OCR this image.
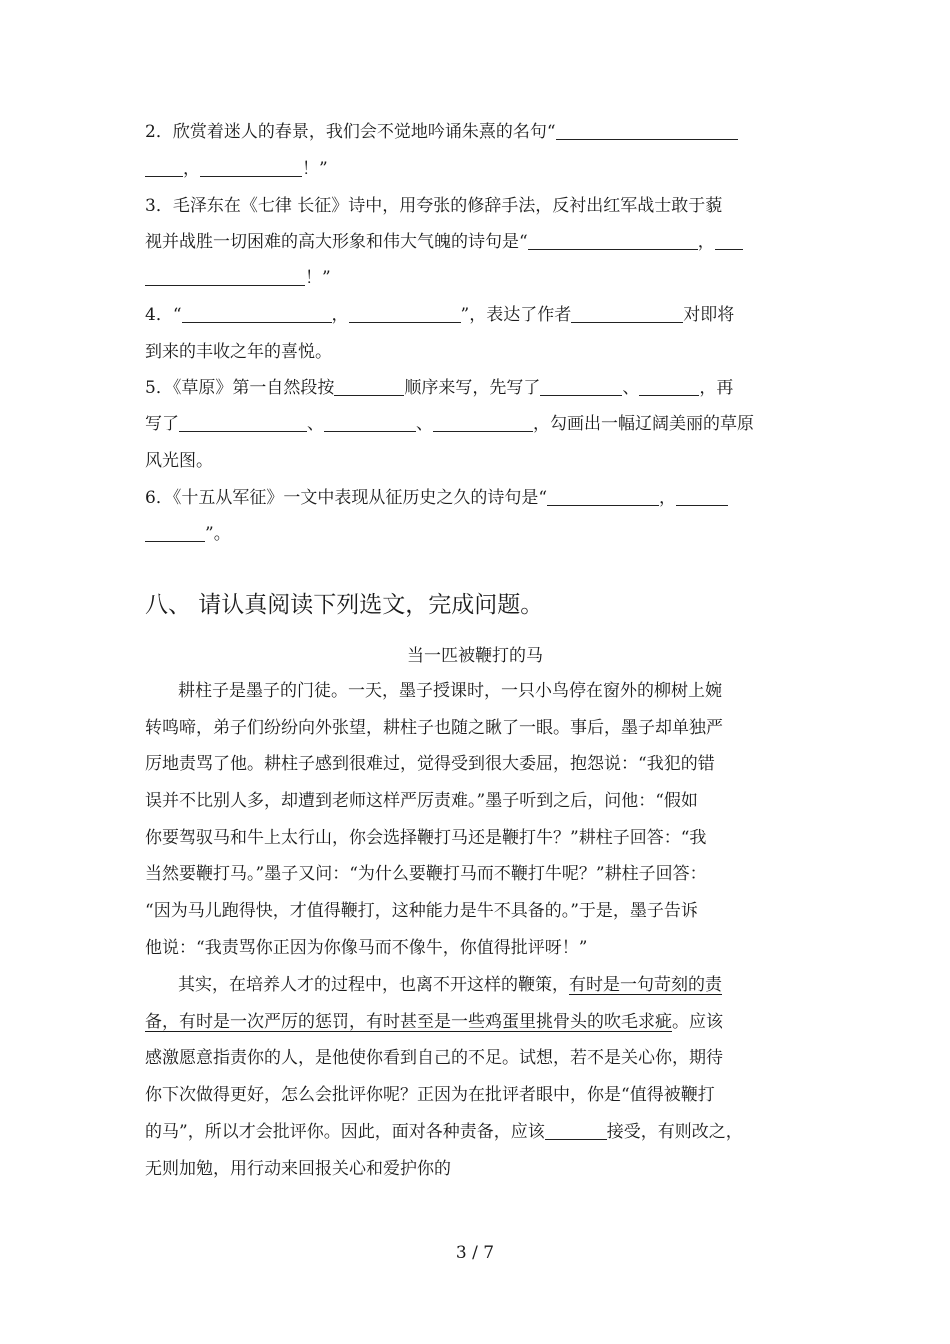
2．欣赏着迷人的春景，我们会不觉地吟诵朱熹的名句“
，	！”
3．毛泽东在《七律 长征》诗中，用夸张的修辞手法，反衬出红军战士敢于藐
视并战胜一切困难的高大形象和伟大气魄的诗句是“	，
！”
4．“	，	”，表达了作者	对即将
到来的丰收之年的喜悦。
5．《草原》第一自然段按	顺序来写，先写了	、	，再
写了	、	、	，勾画出一幅辽阔美丽的草原
风光图。
6．《十五从军征》一文中表现从征历史之久的诗句是“	，
”。
八、 请认真阅读下列选文，完成问题。
当一匹被鞭打的马
耕柱子是墨子的门徒。一天，墨子授课时，一只小鸟停在窗外的柳树上婉
转鸣啼，弟子们纷纷向外张望，耕柱子也随之瞅了一眼。事后，墨子却单独严
厉地责骂了他。耕柱子感到很难过，觉得受到很大委屈，抱怨说：“我犯的错
误并不比别人多，却遭到老师这样严厉责难。”墨子听到之后，问他：“假如
你要驾驭马和牛上太行山，你会选择鞭打马还是鞭打牛？”耕柱子回答：“我
当然要鞭打马。”墨子又问：“为什么要鞭打马而不鞭打牛呢？”耕柱子回答：
“因为马儿跑得快，才值得鞭打，这种能力是牛不具备的。”于是，墨子告诉
他说：“我责骂你正因为你像马而不像牛，你值得批评呀！”
其实，在培养人才的过程中，也离不开这样的鞭策，有时是一句苛刻的责
备，有时是一次严厉的惩罚，有时甚至是一些鸡蛋里挑骨头的吹毛求疵。应该
感激愿意指责你的人，是他使你看到自己的不足。试想，若不是关心你，期待
你下次做得更好，怎么会批评你呢？正因为在批评者眼中，你是“值得被鞭打
的马”，所以才会批评你。因此，面对各种责备，应该	接受，有则改之，
无则加勉，用行动来回报关心和爱护你的
3 / 7
